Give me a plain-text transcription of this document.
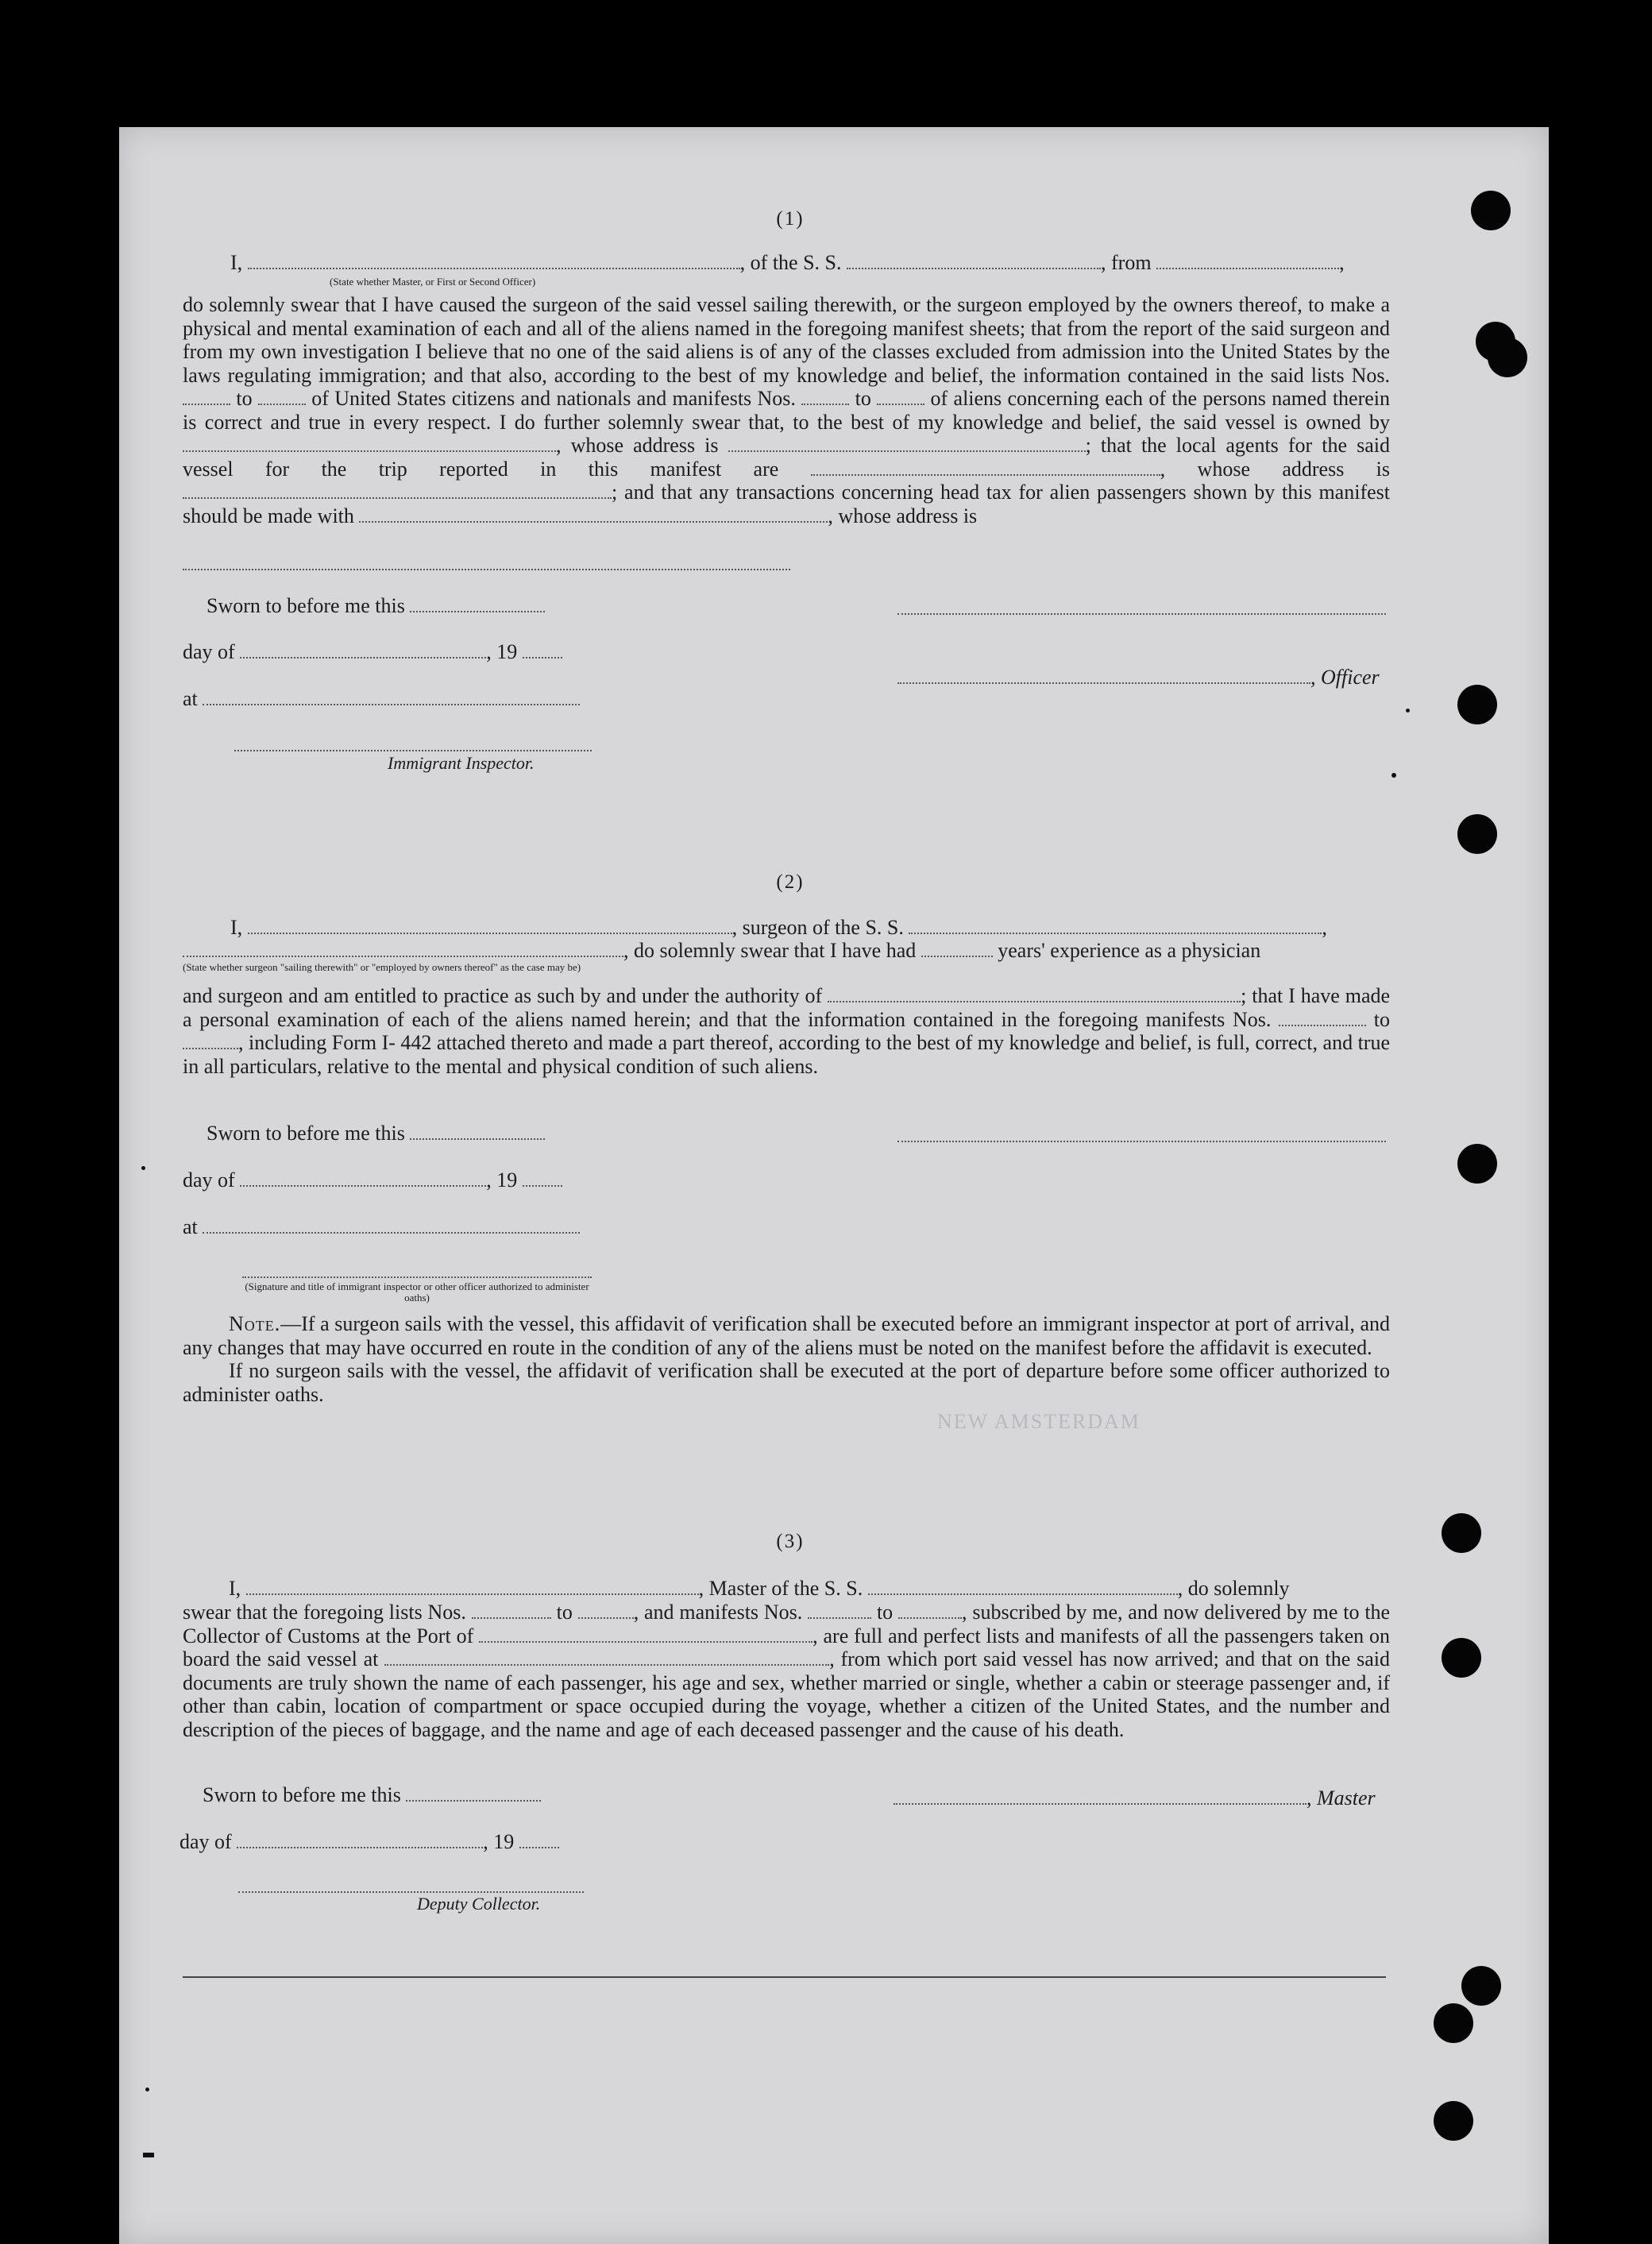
NEW AMSTERDAM
(1)
I,	, of the S. S.	, from	,
(State whether Master, or First or Second Officer)

do solemnly swear that I have caused the surgeon of the said vessel sailing therewith, or the surgeon employed by the owners thereof, to make a physical and mental examination of each and all of the aliens named in the foregoing manifest sheets; that from the report of the said surgeon and from my own investigation I believe that no one of the said aliens is of any of the classes excluded from admission into the United States by the laws regulating immigration; and that also, according to the best of my knowledge and belief, the information contained in the said lists Nos.  to	of United States citizens and nationals and manifests Nos.	to	of aliens concerning each of the persons named therein is correct and true in every respect. I do further solemnly swear that, to the best of my knowledge and belief, the said vessel is owned by , whose address is	; that the local agents for the said vessel for the trip reported in this manifest are	, whose address is ; and that any transactions concerning head tax for alien passengers shown by this manifest should be made with	, whose address is

Sworn to before me this
day of	, 19
, Officer
at
Immigrant Inspector.
(2)
I,	, surgeon of the S. S.	,
, do solemnly swear that I have had	years' experience as a physician
(State whether surgeon "sailing therewith" or "employed by owners thereof" as the case may be)

and surgeon and am entitled to practice as such by and under the authority of	; that I have made a personal examination of each of the aliens named herein; and that the information contained in the foregoing manifests Nos.	to , including Form I- 442 attached thereto and made a part thereof, according to the best of my knowledge and belief, is full, correct, and true in all particulars, relative to the mental and physical condition of such aliens.

Sworn to before me this
day of	, 19
at
(Signature and title of immigrant inspector or other officer authorized to administer oaths)

Note.—If a surgeon sails with the vessel, this affidavit of verification shall be executed before an immigrant inspector at port of arrival, and any changes that may have occurred en route in the condition of any of the aliens must be noted on the manifest before the affidavit is executed.

If no surgeon sails with the vessel, the affidavit of verification shall be executed at the port of departure before some officer authorized to administer oaths.

(3)
I,	, Master of the S. S.	, do solemnly

swear that the foregoing lists Nos.	to	, and manifests Nos.	to	, subscribed by me, and now delivered by me to the Collector of Customs at the Port of	, are full and perfect lists and manifests of all the passengers taken on board the said vessel at	, from which port said vessel has now arrived; and that on the said documents are truly shown the name of each passenger, his age and sex, whether married or single, whether a cabin or steerage passenger and, if other than cabin, location of compartment or space occupied during the voyage, whether a citizen of the United States, and the number and description of the pieces of baggage, and the name and age of each deceased passenger and the cause of his death.

Sworn to before me this	, Master
day of	, 19
Deputy Collector.
